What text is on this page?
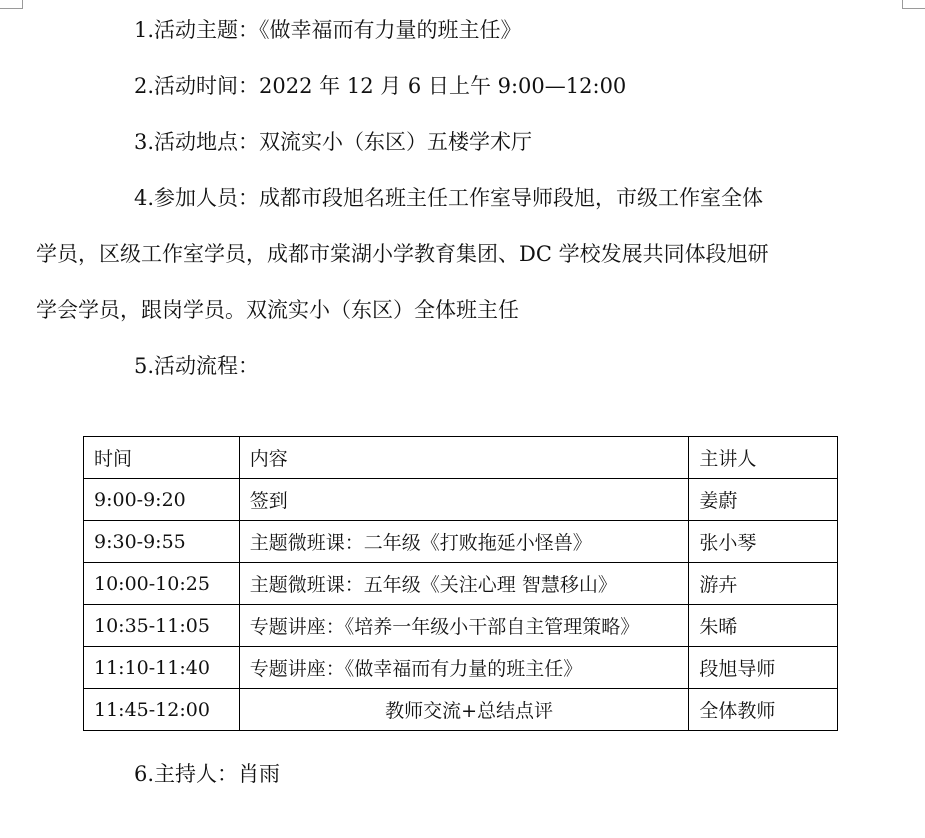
1.活动主题：《做幸福而有力量的班主任》
2.活动时间：2022 年 12 月 6 日上午 9:00—12:00
3.活动地点：双流实小（东区）五楼学术厅
4.参加人员：成都市段旭名班主任工作室导师段旭，市级工作室全体
学员，区级工作室学员，成都市棠湖小学教育集团、DC 学校发展共同体段旭研
学会学员，跟岗学员。双流实小（东区）全体班主任
5.活动流程：
时间	内容	主讲人
9:00-9:20	签到	姜蔚
9:30-9:55	主题微班课：二年级《打败拖延小怪兽》	张小琴
10:00-10:25	主题微班课：五年级《关注心理 智慧移山》	游卉
10:35-11:05	专题讲座：《培养一年级小干部自主管理策略》	朱晞
11:10-11:40	专题讲座：《做幸福而有力量的班主任》	段旭导师
11:45-12:00	教师交流+总结点评	全体教师
6.主持人：肖雨
